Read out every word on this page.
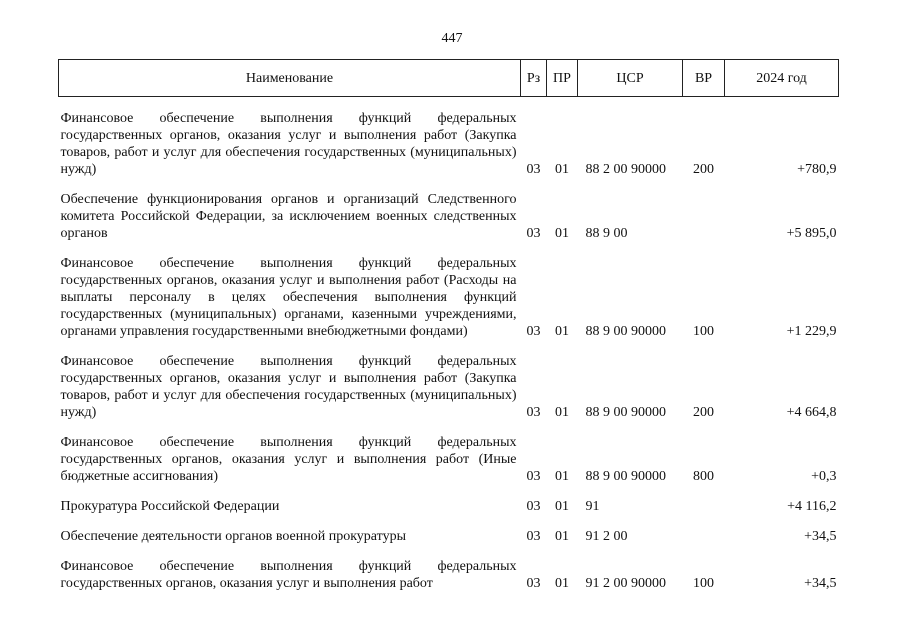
447
Наименование	Рз	ПР	ЦСР	ВР	2024 год

Финансовое обеспечение выполнения функций федеральных государственных органов, оказания услуг и выполнения работ (Закупка товаров, работ и услуг для обеспечения государственных (муниципальных) нужд)	03	01	88 2 00 90000	200	+780,9

Обеспечение функционирования органов и организаций Следственного комитета Российской Федерации, за исключением военных следственных органов	03	01	88 9 00		+5 895,0

Финансовое обеспечение выполнения функций федеральных государственных органов, оказания услуг и выполнения работ (Расходы на выплаты персоналу в целях обеспечения выполнения функций государственных (муниципальных) органами, казенными учреждениями, органами управления государственными внебюджетными фондами)	03	01	88 9 00 90000	100	+1 229,9

Финансовое обеспечение выполнения функций федеральных государственных органов, оказания услуг и выполнения работ (Закупка товаров, работ и услуг для обеспечения государственных (муниципальных) нужд)	03	01	88 9 00 90000	200	+4 664,8

Финансовое обеспечение выполнения функций федеральных государственных органов, оказания услуг и выполнения работ (Иные бюджетные ассигнования)	03	01	88 9 00 90000	800	+0,3

Прокуратура Российской Федерации	03	01	91		+4 116,2

Обеспечение деятельности органов военной прокуратуры	03	01	91 2 00		+34,5

Финансовое обеспечение выполнения функций федеральных государственных органов, оказания услуг и выполнения работ	03	01	91 2 00 90000	100	+34,5
